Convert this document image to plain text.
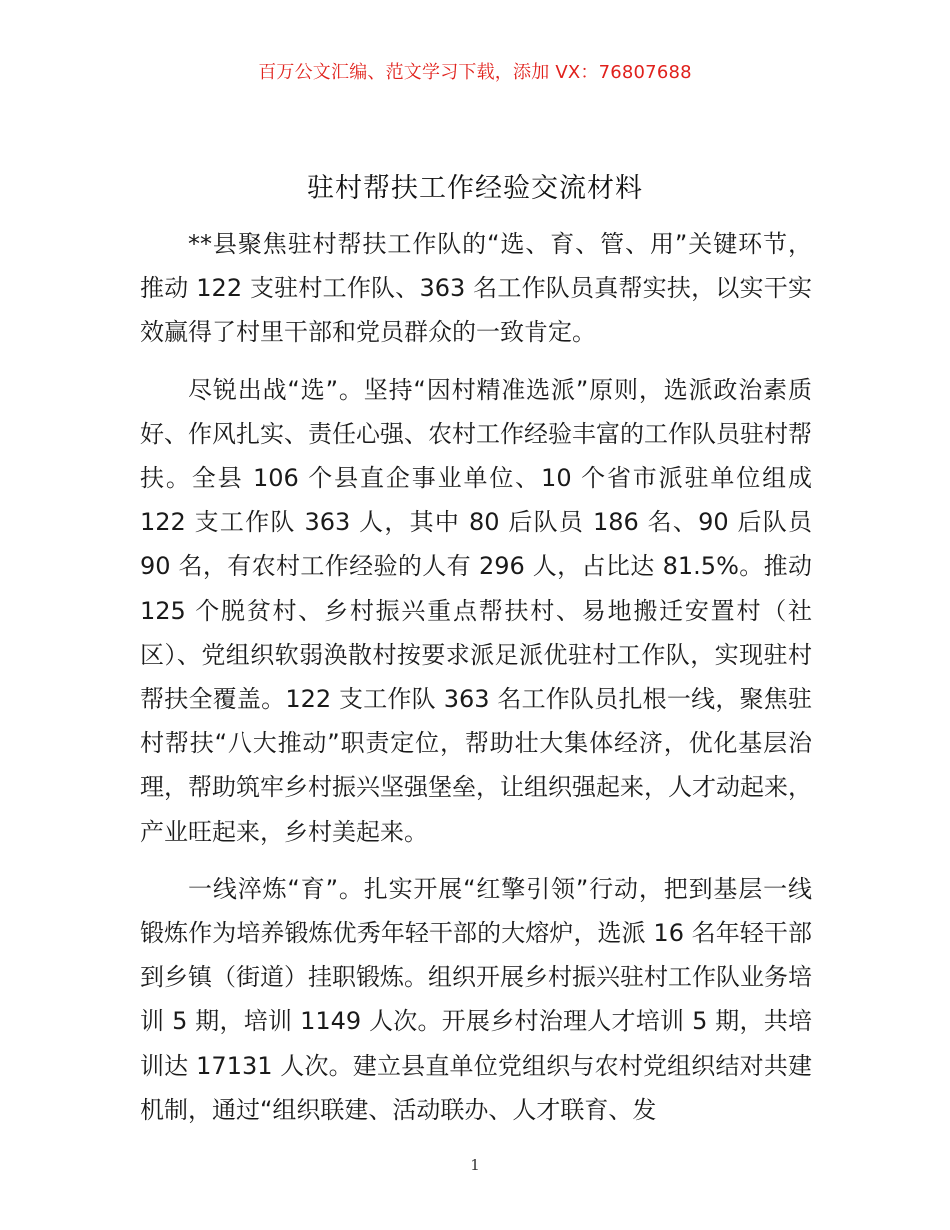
百万公文汇编、范文学习下载，添加 VX：76807688
驻村帮扶工作经验交流材料

**县聚焦驻村帮扶工作队的“选、育、管、用”关键环节，推动 122 支驻村工作队、363 名工作队员真帮实扶，以实干实效赢得了村里干部和党员群众的一致肯定。

尽锐出战“选”。坚持“因村精准选派”原则，选派政治素质好、作风扎实、责任心强、农村工作经验丰富的工作队员驻村帮扶。全县 106 个县直企事业单位、10 个省市派驻单位组成 122 支工作队 363 人，其中 80 后队员 186 名、90 后队员 90 名，有农村工作经验的人有 296 人，占比达 81.5%。推动 125 个脱贫村、乡村振兴重点帮扶村、易地搬迁安置村（社区）、党组织软弱涣散村按要求派足派优驻村工作队，实现驻村帮扶全覆盖。122 支工作队 363 名工作队员扎根一线，聚焦驻村帮扶“八大推动”职责定位，帮助壮大集体经济，优化基层治理，帮助筑牢乡村振兴坚强堡垒，让组织强起来，人才动起来，产业旺起来，乡村美起来。

一线淬炼“育”。扎实开展“红擎引领”行动，把到基层一线锻炼作为培养锻炼优秀年轻干部的大熔炉，选派 16 名年轻干部到乡镇（街道）挂职锻炼。组织开展乡村振兴驻村工作队业务培训 5 期，培训 1149 人次。开展乡村治理人才培训 5 期，共培训达 17131 人次。建立县直单位党组织与农村党组织结对共建机制，通过“组织联建、活动联办、人才联育、发

1
